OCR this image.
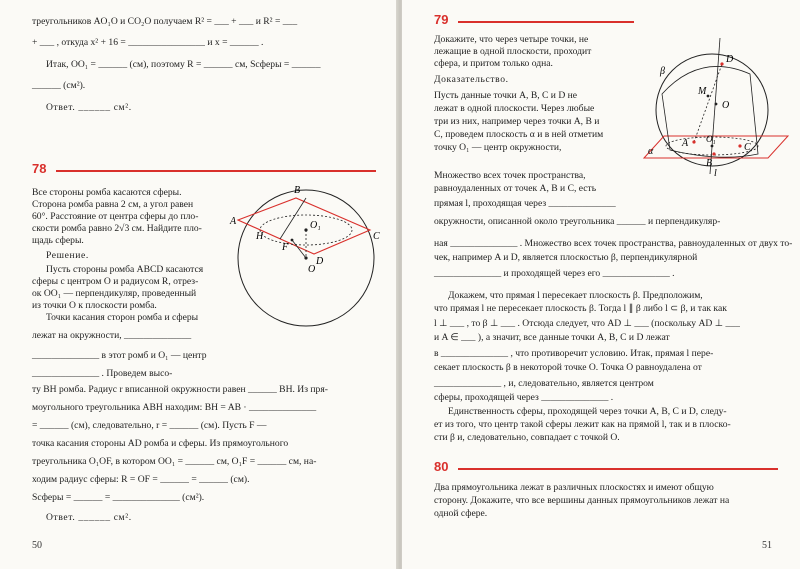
треугольников AO₁O и CO₂O получаем R² = ___ + ___ и R² = ___
+ ___ , откуда x² + 16 = ________________ и x = ______ .
Итак, OO₁ = ______ (см), поэтому R = ______ см, Sсферы = ______
______ (см²).
Ответ. ______ см².
78
Все стороны ромба касаются сферы.
Сторона ромба равна 2 см, а угол равен
60°. Расстояние от центра сферы до пло-
скости ромба равно 2√3 см. Найдите пло-
щадь сферы.
Решение.
Пусть стороны ромба ABCD касаются
сферы с центром O и радиусом R, отрез-
ок OO₁ — перпендикуляр, проведенный
из точки O к плоскости ромба.
Точки касания сторон ромба и сферы
лежат на окружности, ______________
______________ в этот ромб и O₁ — центр
______________ . Проведем высо-
ту BH ромба. Радиус r вписанной окружности равен ______ BH. Из пря-
моугольного треугольника ABH находим: BH = AB · ______________
= ______ (см), следовательно, r = ______ (см). Пусть F —
точка касания стороны AD ромба и сферы. Из прямоугольного
треугольника O₁OF, в котором OO₁ = ______ см, O₁F = ______ см, на-
ходим радиус сферы: R = OF = ______ = ______ (см).
Sсферы = ______ = ______________ (см²).
Ответ. ______ см².
50
A
B
C
D
H
F
O₁
O
79
Докажите, что через четыре точки, не
лежащие в одной плоскости, проходит
сфера, и притом только одна.
Доказательство.
Пусть данные точки A, B, C и D не
лежат в одной плоскости. Через любые
три из них, например через точки A, B и
C, проведем плоскость α и в ней отметим
точку O₁ — центр окружности,
Множество всех точек пространства,
равноудаленных от точек A, B и C, есть
прямая l, проходящая через ______________
окружности, описанной около треугольника ______ и перпендикуляр-
ная ______________ . Множество всех точек пространства, равноудаленных от двух то-
чек, например A и D, является плоскостью β, перпендикулярной
______________ и проходящей через его ______________ .
Докажем, что прямая l пересекает плоскость β. Предположим,
что прямая l не пересекает плоскость β. Тогда l ∥ β либо l ⊂ β, и так как
l ⊥ ___ , то β ⊥ ___ . Отсюда следует, что AD ⊥ ___ (поскольку AD ⊥ ___
и A ∈ ___ ), а значит, все данные точки A, B, C и D лежат
в ______________ , что противоречит условию. Итак, прямая l пере-
секает плоскость β в некоторой точке O. Точка O равноудалена от
______________ , и, следовательно, является центром
сферы, проходящей через ______________ .
Единственность сферы, проходящей через точки A, B, C и D, следу-
ет из того, что центр такой сферы лежит как на прямой l, так и в плоско-
сти β и, следовательно, совпадает с точкой O.
80
Два прямоугольника лежат в различных плоскостях и имеют общую
сторону. Докажите, что все вершины данных прямоугольников лежат на
одной сфере.
51
β
α
M
O
D
A O₁
B
C
l
